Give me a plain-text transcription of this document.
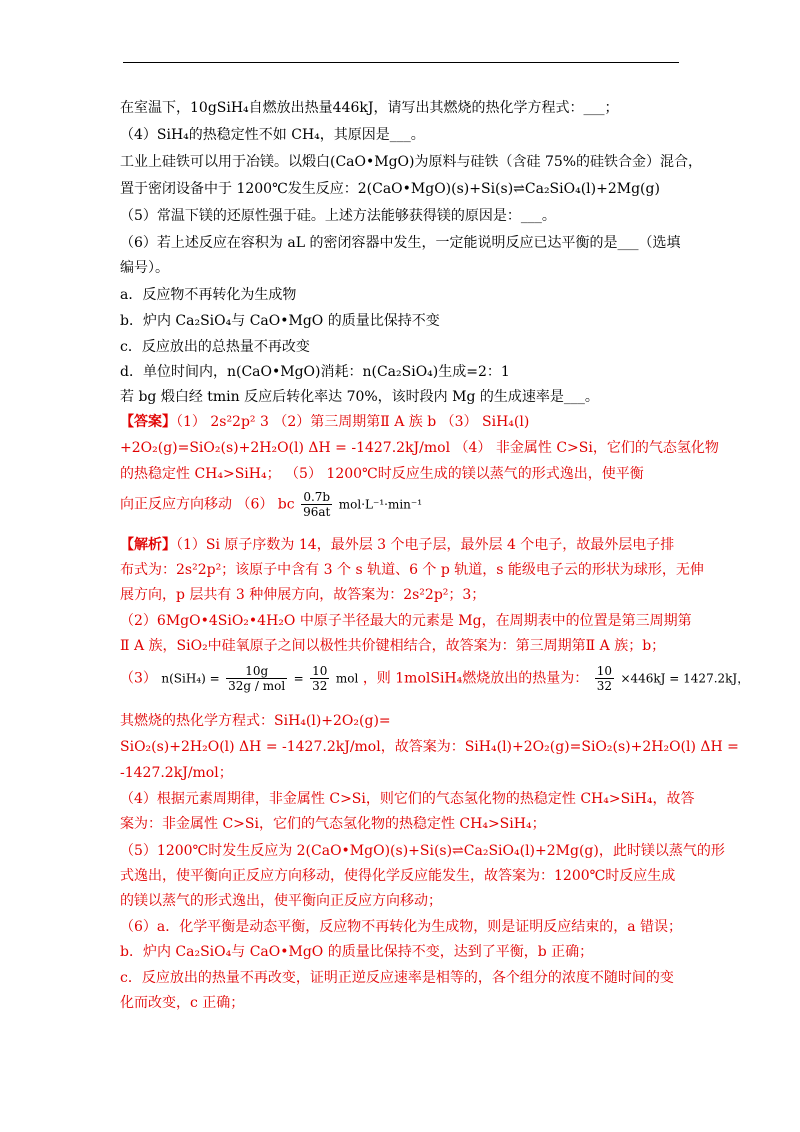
在室温下，10gSiH₄自燃放出热量446kJ，请写出其燃烧的热化学方程式：___；
（4）SiH₄的热稳定性不如 CH₄，其原因是___。
工业上硅铁可以用于冶镁。以煅白(CaO•MgO)为原料与硅铁（含硅 75%的硅铁合金）混合，
置于密闭设备中于 1200℃发生反应：2(CaO•MgO)(s)+Si(s)⇌Ca₂SiO₄(l)+2Mg(g)
（5）常温下镁的还原性强于硅。上述方法能够获得镁的原因是：___。
（6）若上述反应在容积为 aL 的密闭容器中发生，一定能说明反应已达平衡的是___（选填
编号）。
a．反应物不再转化为生成物
b．炉内 Ca₂SiO₄与 CaO•MgO 的质量比保持不变
c．反应放出的总热量不再改变
d．单位时间内，n(CaO•MgO)消耗：n(Ca₂SiO₄)生成=2：1
若 bg 煅白经 tmin 反应后转化率达 70%，该时段内 Mg 的生成速率是___。
【答案】（1） 2s²2p² 3 （2）第三周期第Ⅱ A 族 b （3） SiH₄(l)
+2O₂(g)=SiO₂(s)+2H₂O(l) ΔH = -1427.2kJ/mol （4） 非金属性 C>Si，它们的气态氢化物
的热稳定性 CH₄>SiH₄； （5） 1200℃时反应生成的镁以蒸气的形式逸出，使平衡
向正反应方向移动 （6） bc $\frac{0.7b}{96at} mol\cdot L^{-1}\cdot\min^{-1}$
【解析】（1）Si 原子序数为 14，最外层 3 个电子层，最外层 4 个电子，故最外层电子排
布式为：2s²2p²；该原子中含有 3 个 s 轨道、6 个 p 轨道，s 能级电子云的形状为球形，无伸
展方向，p 层共有 3 种伸展方向，故答案为：2s²2p²；3；
（2）6MgO•4SiO₂•4H₂O 中原子半径最大的元素是 Mg，在周期表中的位置是第三周期第
Ⅱ A 族，SiO₂中硅氧原子之间以极性共价键相结合，故答案为：第三周期第Ⅱ A 族；b；
（3） $n(SiH_4) = \frac{10g}{\text{32g / mol}} = \frac{10}{32}$ mol ，则 1molSiH₄燃烧放出的热量为： $\frac{10}{32} \times 446kJ = 1427.2kJ$，
其燃烧的热化学方程式：SiH₄(l)+2O₂(g)=
SiO₂(s)+2H₂O(l) ΔH = -1427.2kJ/mol，故答案为：SiH₄(l)+2O₂(g)=SiO₂(s)+2H₂O(l) ΔH =
-1427.2kJ/mol；
（4）根据元素周期律，非金属性 C>Si，则它们的气态氢化物的热稳定性 CH₄>SiH₄，故答
案为：非金属性 C>Si，它们的气态氢化物的热稳定性 CH₄>SiH₄；
（5）1200℃时发生反应为 2(CaO•MgO)(s)+Si(s)⇌Ca₂SiO₄(l)+2Mg(g)，此时镁以蒸气的形
式逸出，使平衡向正反应方向移动，使得化学反应能发生，故答案为：1200℃时反应生成
的镁以蒸气的形式逸出，使平衡向正反应方向移动；
（6）a．化学平衡是动态平衡，反应物不再转化为生成物，则是证明反应结束的，a 错误；
b．炉内 Ca₂SiO₄与 CaO•MgO 的质量比保持不变，达到了平衡，b 正确；
c．反应放出的热量不再改变，证明正逆反应速率是相等的，各个组分的浓度不随时间的变
化而改变，c 正确；
